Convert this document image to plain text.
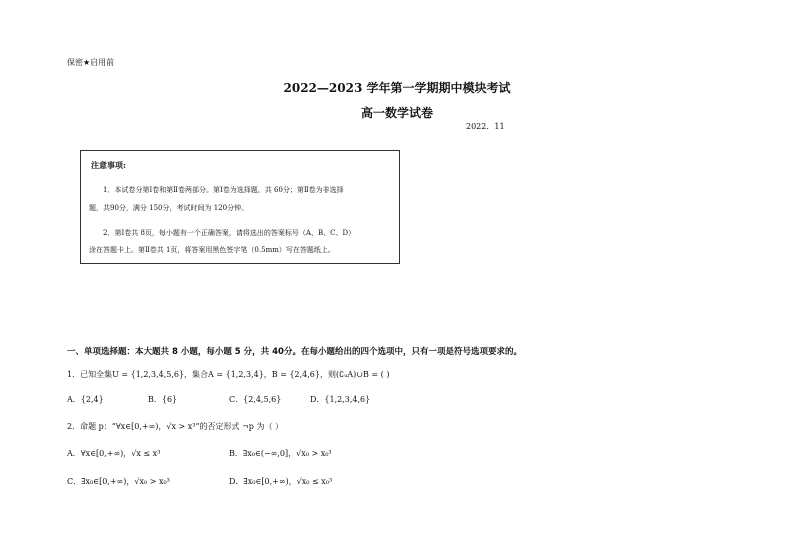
保密★启用前
2022—2023 学年第一学期期中模块考试
高一数学试卷
2022．11
注意事项:
1．本试卷分第Ⅰ卷和第Ⅱ卷两部分。第Ⅰ卷为选择题，共 60分；第Ⅱ卷为非选择
题，共90分，满分 150分，考试时间为 120分钟。
2．第Ⅰ卷共 8页，每小题有一个正确答案，请将选出的答案标号（A、B、C、D）
涂在答题卡上。第Ⅱ卷共 1页，将答案用黑色签字笔（0.5mm）写在答题纸上。
一、单项选择题：本大题共 8 小题，每小题 5 分，共 40分。在每小题给出的四个选项中，只有一项是符号选项要求的。
1．已知全集U = {1,2,3,4,5,6}，集合A = {1,2,3,4}，B = {2,4,6}，则(∁ᵤA)∪B = ( )
A．{2,4}	B．{6}	C．{2,4,5,6}	D．{1,2,3,4,6}
2．命题 p：“∀x∈[0,+∞)，√x > x³”的否定形式 ¬p 为（ ）
A．∀x∈[0,+∞)，√x ≤ x³	B．∃x₀∈(−∞,0]，√x₀ > x₀³
C．∃x₀∈[0,+∞)，√x₀ > x₀³	D．∃x₀∈[0,+∞)，√x₀ ≤ x₀³
